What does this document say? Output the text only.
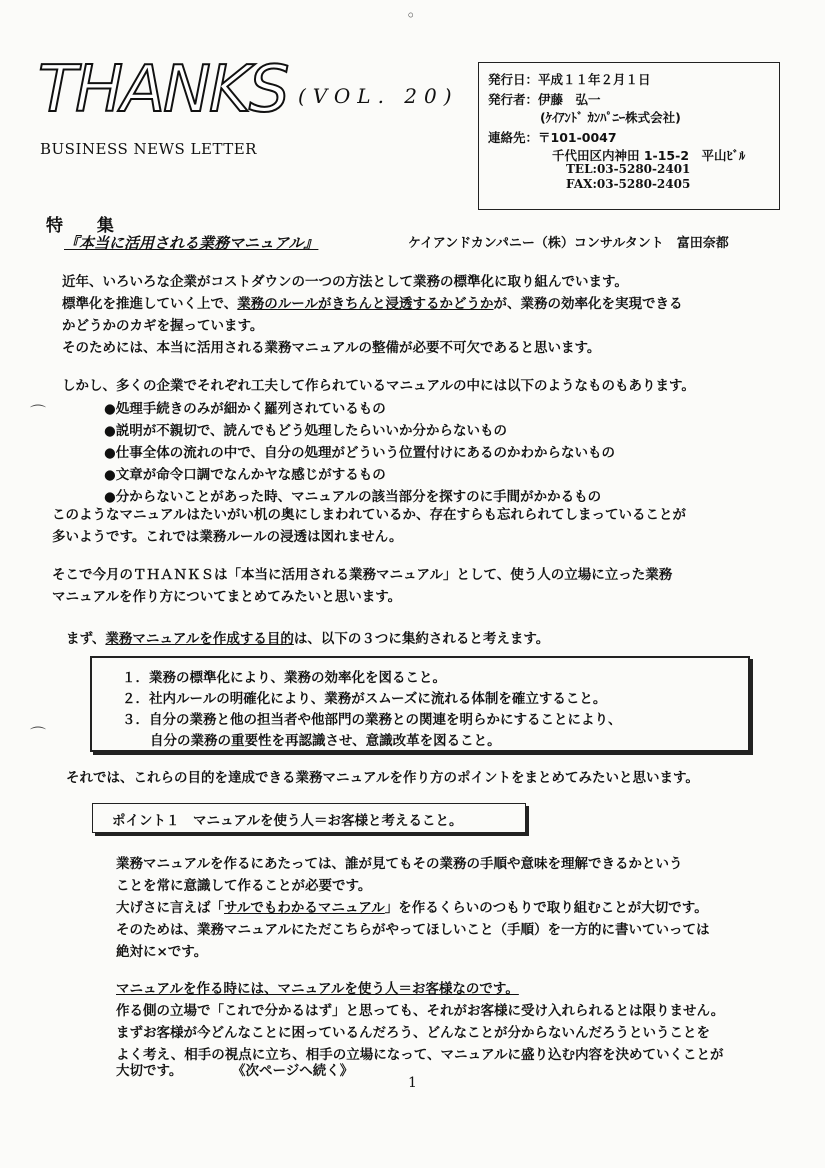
◦
⌒
⌒
THANKS (VOL. 20)
BUSINESS NEWS LETTER
発行日：平成１１年２月１日
発行者：伊藤　弘一
(ｹｲｱﾝﾄﾞ ｶﾝﾊﾟﾆｰ株式会社)
連絡先：〒101-0047
千代田区内神田 1-15-2　平山ﾋﾞﾙ
TEL:03-5280-2401
FAX:03-5280-2405
特 集
『本当に活用される業務マニュアル』	ケイアンドカンパニー（株）コンサルタント　富田奈都
近年、いろいろな企業がコストダウンの一つの方法として業務の標準化に取り組んでいます。
標準化を推進していく上で、業務のルールがきちんと浸透するかどうかが、業務の効率化を実現できる
かどうかのカギを握っています。
そのためには、本当に活用される業務マニュアルの整備が必要不可欠であると思います。
しかし、多くの企業でそれぞれ工夫して作られているマニュアルの中には以下のようなものもあります。
●処理手続きのみが細かく羅列されているもの
●説明が不親切で、読んでもどう処理したらいいか分からないもの
●仕事全体の流れの中で、自分の処理がどういう位置付けにあるのかわからないもの
●文章が命令口調でなんかヤな感じがするもの
●分からないことがあった時、マニュアルの該当部分を探すのに手間がかかるもの
このようなマニュアルはたいがい机の奥にしまわれているか、存在すらも忘れられてしまっていることが
多いようです。これでは業務ルールの浸透は図れません。
そこで今月のＴＨＡＮＫＳは「本当に活用される業務マニュアル」として、使う人の立場に立った業務
マニュアルを作り方についてまとめてみたいと思います。
まず、業務マニュアルを作成する目的は、以下の３つに集約されると考えます。
１．業務の標準化により、業務の効率化を図ること。
２．社内ルールの明確化により、業務がスムーズに流れる体制を確立すること。
３．自分の業務と他の担当者や他部門の業務との関連を明らかにすることにより、
自分の業務の重要性を再認識させ、意識改革を図ること。
それでは、これらの目的を達成できる業務マニュアルを作り方のポイントをまとめてみたいと思います。
ポイント１　マニュアルを使う人＝お客様と考えること。
業務マニュアルを作るにあたっては、誰が見てもその業務の手順や意味を理解できるかという
ことを常に意識して作ることが必要です。
大げさに言えば「サルでもわかるマニュアル」を作るくらいのつもりで取り組むことが大切です。
そのためは、業務マニュアルにただこちらがやってほしいこと（手順）を一方的に書いていっては
絶対に×です。
マニュアルを作る時には、マニュアルを使う人＝お客様なのです。
作る側の立場で「これで分かるはず」と思っても、それがお客様に受け入れられるとは限りません。
まずお客様が今どんなことに困っているんだろう、どんなことが分からないんだろうということを
よく考え、相手の視点に立ち、相手の立場になって、マニュアルに盛り込む内容を決めていくことが
大切です。	《次ページへ続く》
1
